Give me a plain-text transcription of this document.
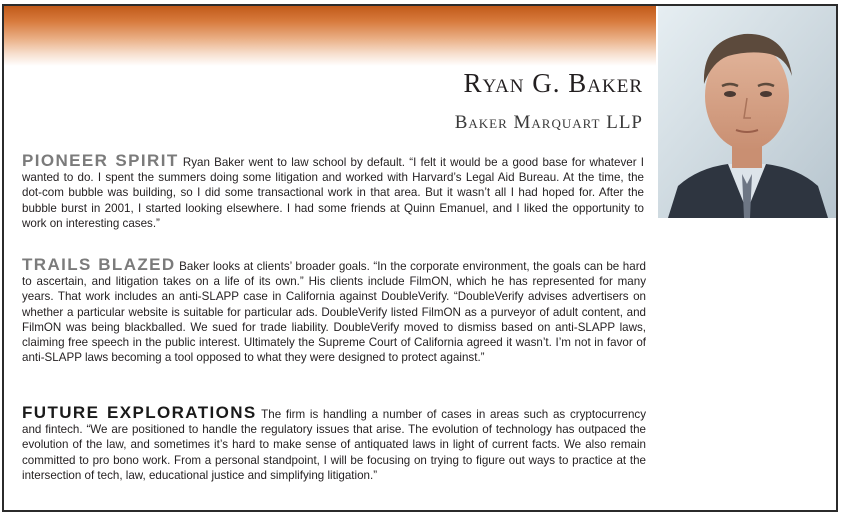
Ryan G. Baker
Baker Marquart LLP
PIONEER SPIRIT Ryan Baker went to law school by default. “I felt it would be a good base for whatever I wanted to do. I spent the summers doing some litigation and worked with Harvard’s Legal Aid Bureau. At the time, the dot-com bubble was building, so I did some transactional work in that area. But it wasn’t all I had hoped for. After the bubble burst in 2001, I started looking elsewhere. I had some friends at Quinn Emanuel, and I liked the opportunity to work on interesting cases.”
TRAILS BLAZED Baker looks at clients’ broader goals. “In the corporate environment, the goals can be hard to ascertain, and litigation takes on a life of its own.” His clients include FilmON, which he has represented for many years. That work includes an anti-SLAPP case in California against DoubleVerify. “DoubleVerify advises advertisers on whether a particular website is suitable for particular ads. DoubleVerify listed FilmON as a purveyor of adult content, and FilmON was being blackballed. We sued for trade liability. DoubleVerify moved to dismiss based on anti-SLAPP laws, claiming free speech in the public interest. Ultimately the Supreme Court of California agreed it wasn’t. I’m not in favor of anti-SLAPP laws becoming a tool opposed to what they were designed to protect against.”
FUTURE EXPLORATIONS The firm is handling a number of cases in areas such as cryptocurrency and fintech. “We are positioned to handle the regulatory issues that arise. The evolution of technology has outpaced the evolution of the law, and sometimes it’s hard to make sense of antiquated laws in light of current facts. We also remain committed to pro bono work. From a personal standpoint, I will be focusing on trying to figure out ways to practice at the intersection of tech, law, educational justice and simplifying litigation.”
